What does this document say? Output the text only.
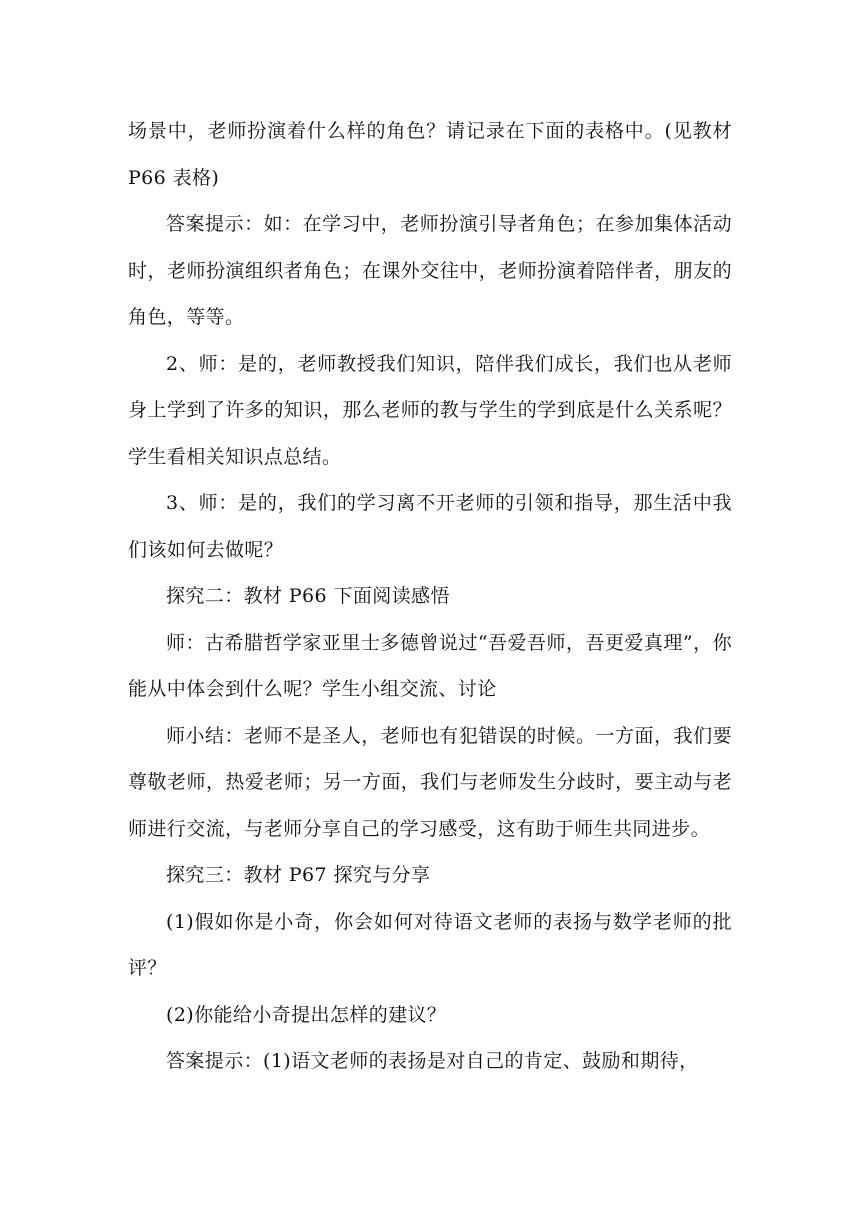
场景中，老师扮演着什么样的角色？请记录在下面的表格中。(见教材 P66 表格)

答案提示：如：在学习中，老师扮演引导者角色；在参加集体活动时，老师扮演组织者角色；在课外交往中，老师扮演着陪伴者，朋友的角色，等等。

2、师：是的，老师教授我们知识，陪伴我们成长，我们也从老师身上学到了许多的知识，那么老师的教与学生的学到底是什么关系呢？学生看相关知识点总结。

3、师：是的，我们的学习离不开老师的引领和指导，那生活中我们该如何去做呢？

探究二：教材 P66 下面阅读感悟

师：古希腊哲学家亚里士多德曾说过“吾爱吾师，吾更爱真理”，你能从中体会到什么呢？学生小组交流、讨论

师小结：老师不是圣人，老师也有犯错误的时候。一方面，我们要尊敬老师，热爱老师；另一方面，我们与老师发生分歧时，要主动与老师进行交流，与老师分享自己的学习感受，这有助于师生共同进步。

探究三：教材 P67 探究与分享

(1)假如你是小奇，你会如何对待语文老师的表扬与数学老师的批评？

(2)你能给小奇提出怎样的建议？

答案提示：(1)语文老师的表扬是对自己的肯定、鼓励和期待，
